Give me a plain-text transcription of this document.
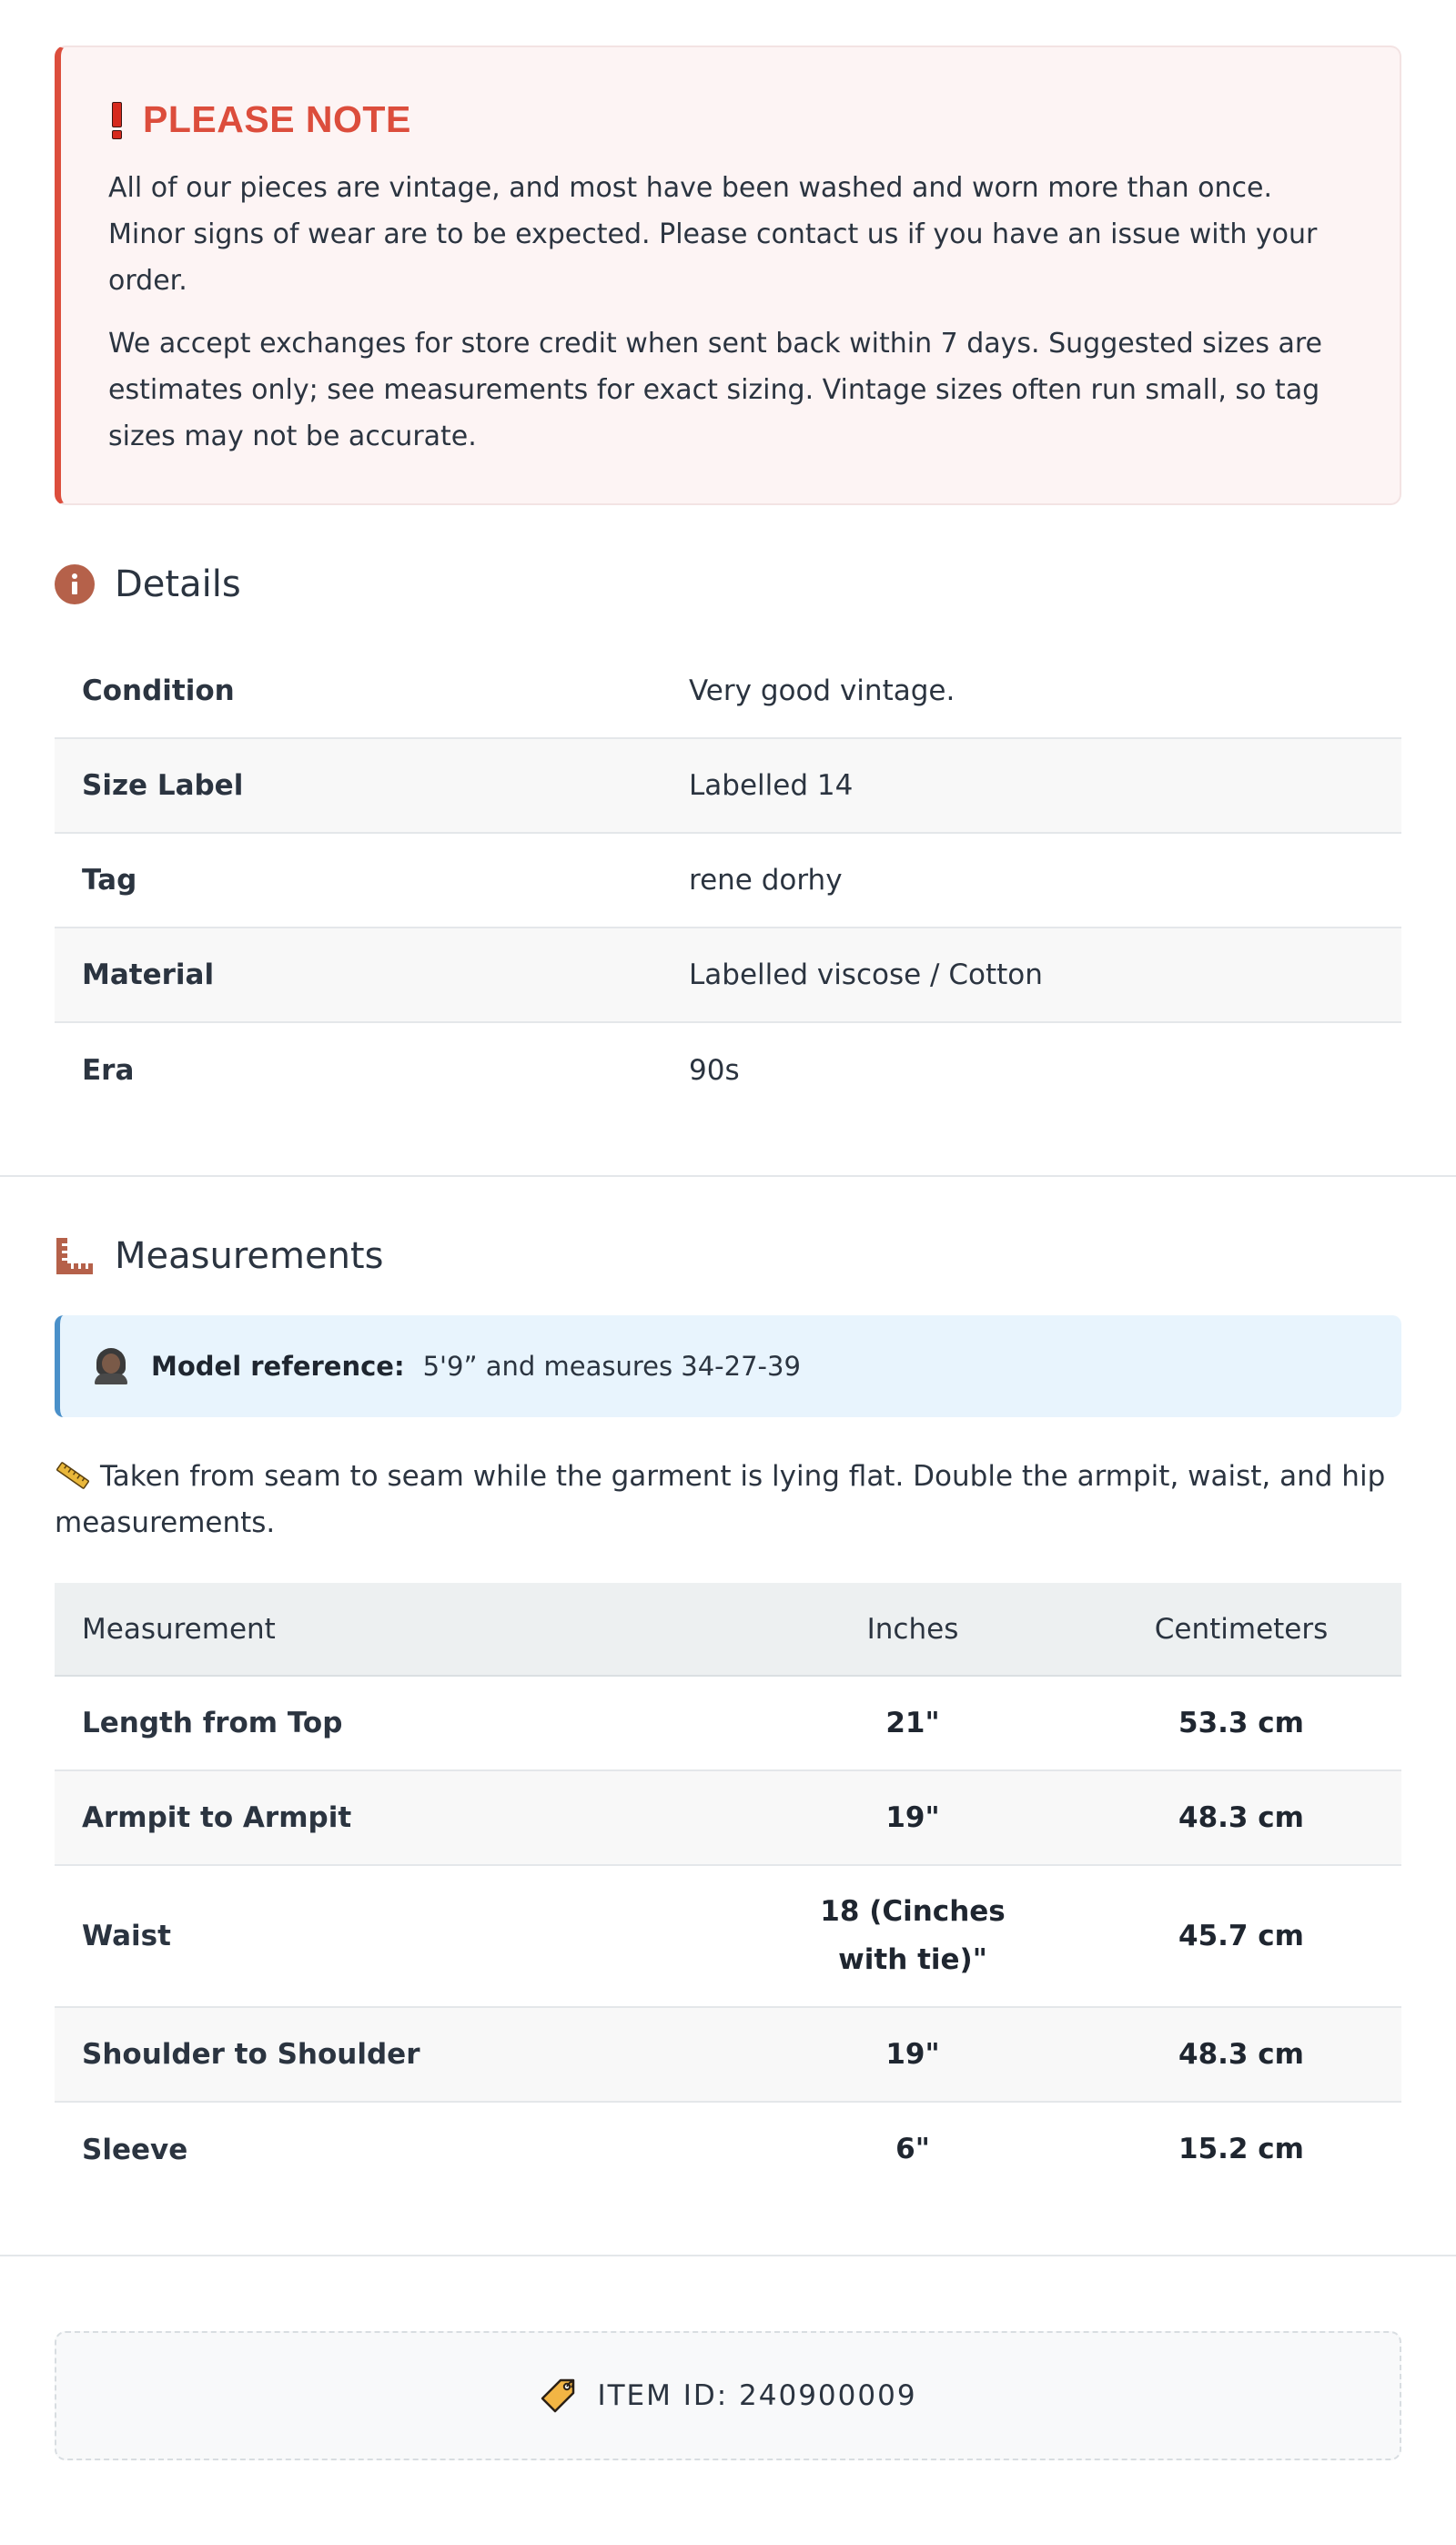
PLEASE NOTE

All of our pieces are vintage, and most have been washed and worn more than once. Minor signs of wear are to be expected. Please contact us if you have an issue with your order.

We accept exchanges for store credit when sent back within 7 days. Suggested sizes are estimates only; see measurements for exact sizing. Vintage sizes often run small, so tag sizes may not be accurate.

Details
Condition	Very good vintage.
Size Label	Labelled 14
Tag	rene dorhy
Material	Labelled viscose / Cotton
Era	90s
Measurements
Model reference: 5'9” and measures 34-27-39

Taken from seam to seam while the garment is lying flat. Double the armpit, waist, and hip measurements.

Measurement	Inches	Centimeters
Length from Top	21"	53.3 cm
Armpit to Armpit	19"	48.3 cm
Waist	18 (Cinches with tie)"	45.7 cm
Shoulder to Shoulder	19"	48.3 cm
Sleeve	6"	15.2 cm
ITEM ID: 240900009
